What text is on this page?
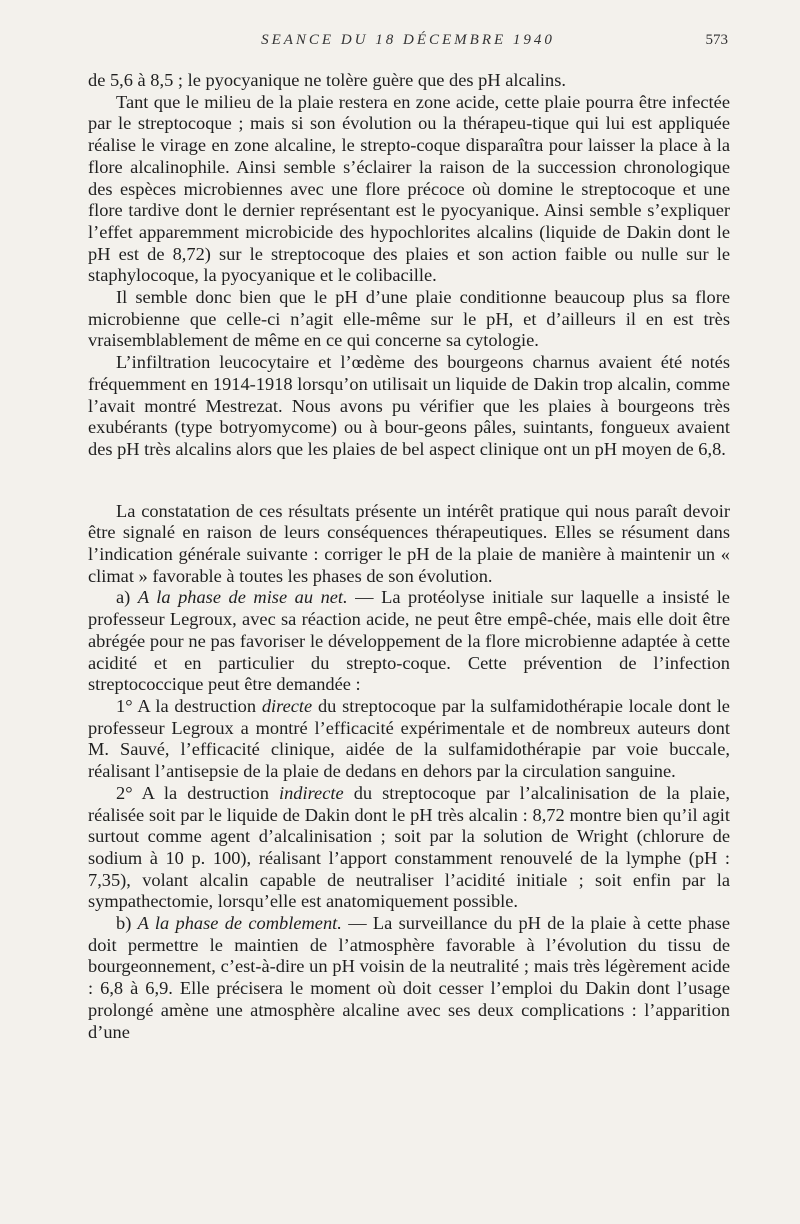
SEANCE DU 18 DÉCEMBRE 1940	573

de 5,6 à 8,5 ; le pyocyanique ne tolère guère que des pH alcalins.

Tant que le milieu de la plaie restera en zone acide, cette plaie pourra être infectée par le streptocoque ; mais si son évolution ou la thérapeu-tique qui lui est appliquée réalise le virage en zone alcaline, le strepto-coque disparaîtra pour laisser la place à la flore alcalinophile. Ainsi semble s’éclairer la raison de la succession chronologique des espèces microbiennes avec une flore précoce où domine le streptocoque et une flore tardive dont le dernier représentant est le pyocyanique. Ainsi semble s’expliquer l’effet apparemment microbicide des hypochlorites alcalins (liquide de Dakin dont le pH est de 8,72) sur le streptocoque des plaies et son action faible ou nulle sur le staphylocoque, la pyocyanique et le colibacille.

Il semble donc bien que le pH d’une plaie conditionne beaucoup plus sa flore microbienne que celle-ci n’agit elle-même sur le pH, et d’ailleurs il en est très vraisemblablement de même en ce qui concerne sa cytologie.

L’infiltration leucocytaire et l’œdème des bourgeons charnus avaient été notés fréquemment en 1914-1918 lorsqu’on utilisait un liquide de Dakin trop alcalin, comme l’avait montré Mestrezat. Nous avons pu vérifier que les plaies à bourgeons très exubérants (type botryomycome) ou à bour-geons pâles, suintants, fongueux avaient des pH très alcalins alors que les plaies de bel aspect clinique ont un pH moyen de 6,8.

La constatation de ces résultats présente un intérêt pratique qui nous paraît devoir être signalé en raison de leurs conséquences thérapeutiques. Elles se résument dans l’indication générale suivante : corriger le pH de la plaie de manière à maintenir un « climat » favorable à toutes les phases de son évolution.

a) A la phase de mise au net. — La protéolyse initiale sur laquelle a insisté le professeur Legroux, avec sa réaction acide, ne peut être empê-chée, mais elle doit être abrégée pour ne pas favoriser le développement de la flore microbienne adaptée à cette acidité et en particulier du strepto-coque. Cette prévention de l’infection streptococcique peut être demandée :

1° A la destruction directe du streptocoque par la sulfamidothérapie locale dont le professeur Legroux a montré l’efficacité expérimentale et de nombreux auteurs dont M. Sauvé, l’efficacité clinique, aidée de la sulfamidothérapie par voie buccale, réalisant l’antisepsie de la plaie de dedans en dehors par la circulation sanguine.

2° A la destruction indirecte du streptocoque par l’alcalinisation de la plaie, réalisée soit par le liquide de Dakin dont le pH très alcalin : 8,72 montre bien qu’il agit surtout comme agent d’alcalinisation ; soit par la solution de Wright (chlorure de sodium à 10 p. 100), réalisant l’apport constamment renouvelé de la lymphe (pH : 7,35), volant alcalin capable de neutraliser l’acidité initiale ; soit enfin par la sympathectomie, lorsqu’elle est anatomiquement possible.

b) A la phase de comblement. — La surveillance du pH de la plaie à cette phase doit permettre le maintien de l’atmosphère favorable à l’évolution du tissu de bourgeonnement, c’est-à-dire un pH voisin de la neutralité ; mais très légèrement acide : 6,8 à 6,9. Elle précisera le moment où doit cesser l’emploi du Dakin dont l’usage prolongé amène une atmosphère alcaline avec ses deux complications : l’apparition d’une
